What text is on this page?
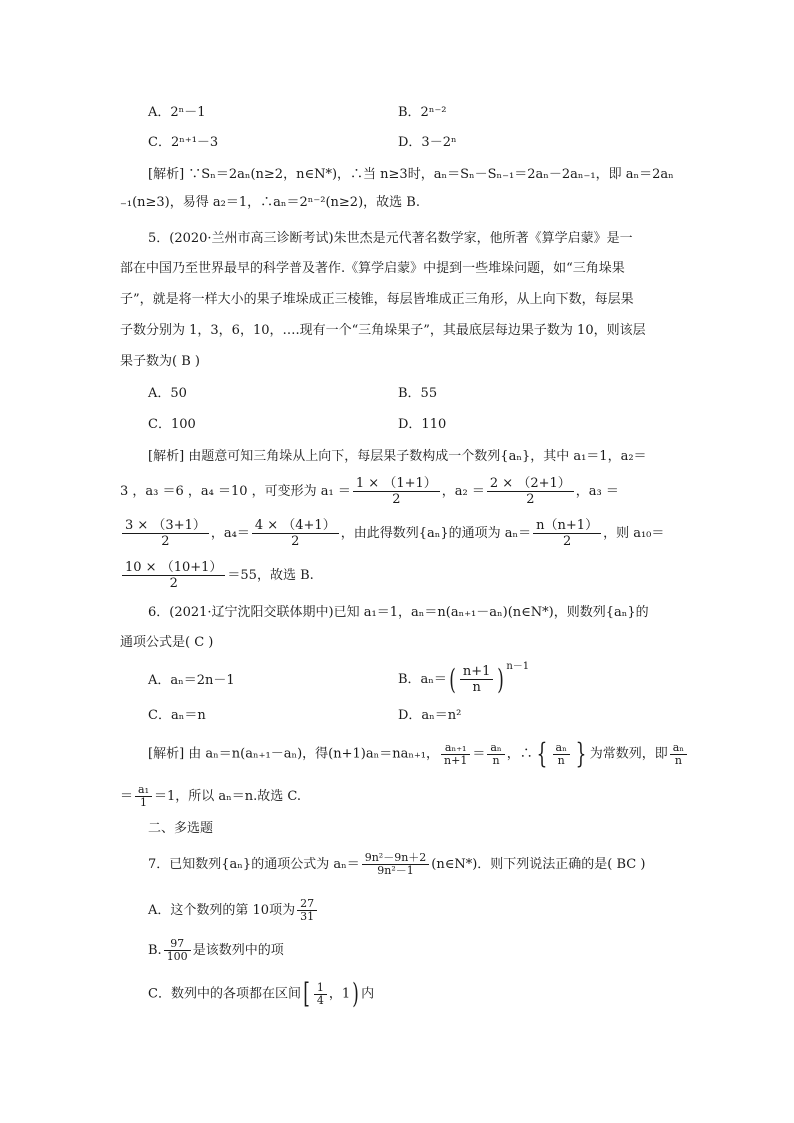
A．2ⁿ－1	B．2ⁿ⁻²
C．2ⁿ⁺¹－3	D．3－2ⁿ
[解析] ∵Sₙ＝2aₙ(n≥2，n∈N*)，∴当 n≥3时，aₙ＝Sₙ－Sₙ₋₁＝2aₙ－2aₙ₋₁，即 aₙ＝2aₙ
₋₁(n≥3)，易得 a₂＝1，∴aₙ＝2ⁿ⁻²(n≥2)，故选 B.
5．(2020·兰州市高三诊断考试)朱世杰是元代著名数学家，他所著《算学启蒙》是一
部在中国乃至世界最早的科学普及著作.《算学启蒙》中提到一些堆垛问题，如“三角垛果
子”，就是将一样大小的果子堆垛成正三棱锥，每层皆堆成正三角形，从上向下数，每层果
子数分别为 1，3，6，10，….现有一个“三角垛果子”，其最底层每边果子数为 10，则该层
果子数为( B )
A．50	B．55
C．100	D．110
[解析] 由题意可知三角垛从上向下，每层果子数构成一个数列{aₙ}，其中 a₁＝1，a₂＝
3 ，a₃ ＝6 ，a₄ ＝10 ，可变形为 $a_1 = \frac{1 \times (1+1)}{2}$ ，$a_2 = \frac{2 \times (2+1)}{2}$ ，a₃ ＝
$\frac{3 \times (3+1)}{2}$ ，$a_4= \frac{4 \times (4+1)}{2}$ ，由此得数列{aₙ}的通项为 $a_n= \frac{n(n+1)}{2}$ ，则 a₁₀＝
$\frac{10 \times (10+1)}{2} =55$，故选 B.
6．(2021·辽宁沈阳交联体期中)已知 a₁＝1，aₙ＝n(aₙ₊₁－aₙ)(n∈N*)，则数列{aₙ}的
通项公式是( C )
A．aₙ＝2n－1	B．$a_n=( \frac{n+1}{n}$ ) $^{n-1}$
C．aₙ＝n	D．aₙ＝n²
[解析] 由 aₙ＝n(aₙ₊₁－aₙ)，得(n+1)aₙ＝naₙ₊₁， $\frac{\text{aₙ₊₁}}{n+1} = \frac{\text{aₙ}}{n}$ ，∴ { $\frac{\text{aₙ}}{n}$ } 为常数列，即 $\frac{\text{aₙ}}{n}$
＝ $\frac{\text{a₁}}{1} =1$，所以 aₙ＝n.故选 C.
二、多选题
7．已知数列{aₙ}的通项公式为 $a_n= \frac{\text{9n²－9n＋2}}{\text{9n²－1}}$ (n∈N*)．则下列说法正确的是( BC )
A．这个数列的第 10项为 $\frac{27}{31}$
B. $\frac{97}{100}$ 是该数列中的项
C．数列中的各项都在区间[ $\frac{1}{4}$ ，1) 内
